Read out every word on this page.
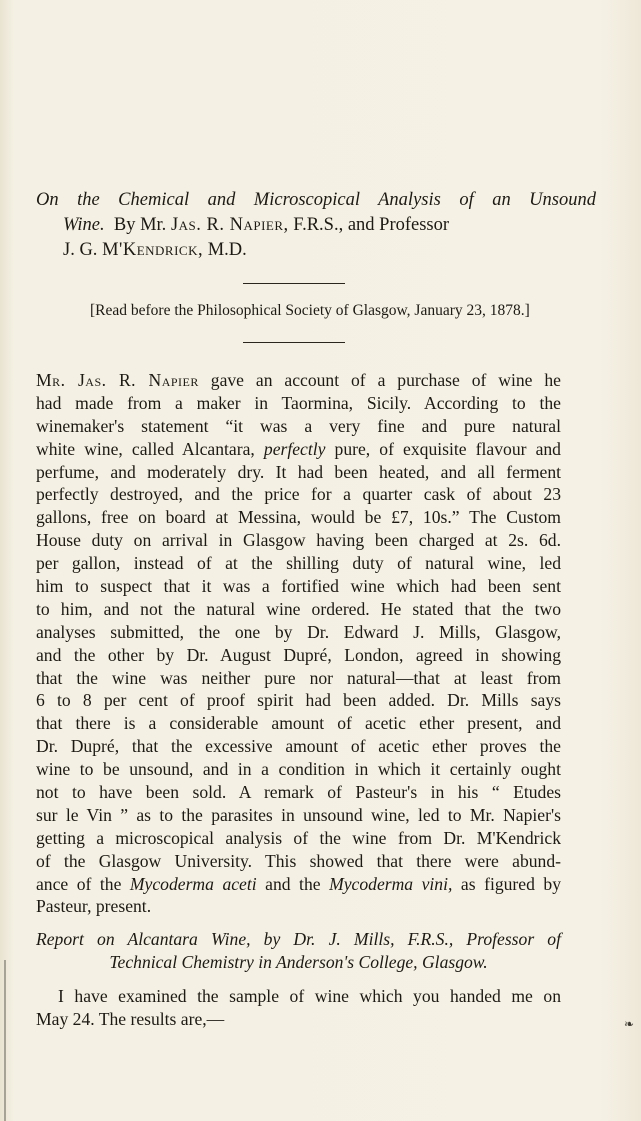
On the Chemical and Microscopical Analysis of an Unsound
Wine. By Mr. Jas. R. Napier, F.R.S., and Professor
J. G. M'Kendrick, M.D.
[Read before the Philosophical Society of Glasgow, January 23, 1878.]
Mr. Jas. R. Napier gave an account of a purchase of wine he
had made from a maker in Taormina, Sicily. According to the
winemaker's statement “it was a very fine and pure natural
white wine, called Alcantara, perfectly pure, of exquisite flavour and
perfume, and moderately dry. It had been heated, and all ferment
perfectly destroyed, and the price for a quarter cask of about 23
gallons, free on board at Messina, would be £7, 10s.” The Custom
House duty on arrival in Glasgow having been charged at 2s. 6d.
per gallon, instead of at the shilling duty of natural wine, led
him to suspect that it was a fortified wine which had been sent
to him, and not the natural wine ordered. He stated that the two
analyses submitted, the one by Dr. Edward J. Mills, Glasgow,
and the other by Dr. August Dupré, London, agreed in showing
that the wine was neither pure nor natural—that at least from
6 to 8 per cent of proof spirit had been added. Dr. Mills says
that there is a considerable amount of acetic ether present, and
Dr. Dupré, that the excessive amount of acetic ether proves the
wine to be unsound, and in a condition in which it certainly ought
not to have been sold. A remark of Pasteur's in his “ Etudes
sur le Vin ” as to the parasites in unsound wine, led to Mr. Napier's
getting a microscopical analysis of the wine from Dr. M'Kendrick
of the Glasgow University. This showed that there were abund-
ance of the Mycoderma aceti and the Mycoderma vini, as figured by
Pasteur, present.
Report on Alcantara Wine, by Dr. J. Mills, F.R.S., Professor of
Technical Chemistry in Anderson's College, Glasgow.
I have examined the sample of wine which you handed me on
May 24. The results are,—	❧
